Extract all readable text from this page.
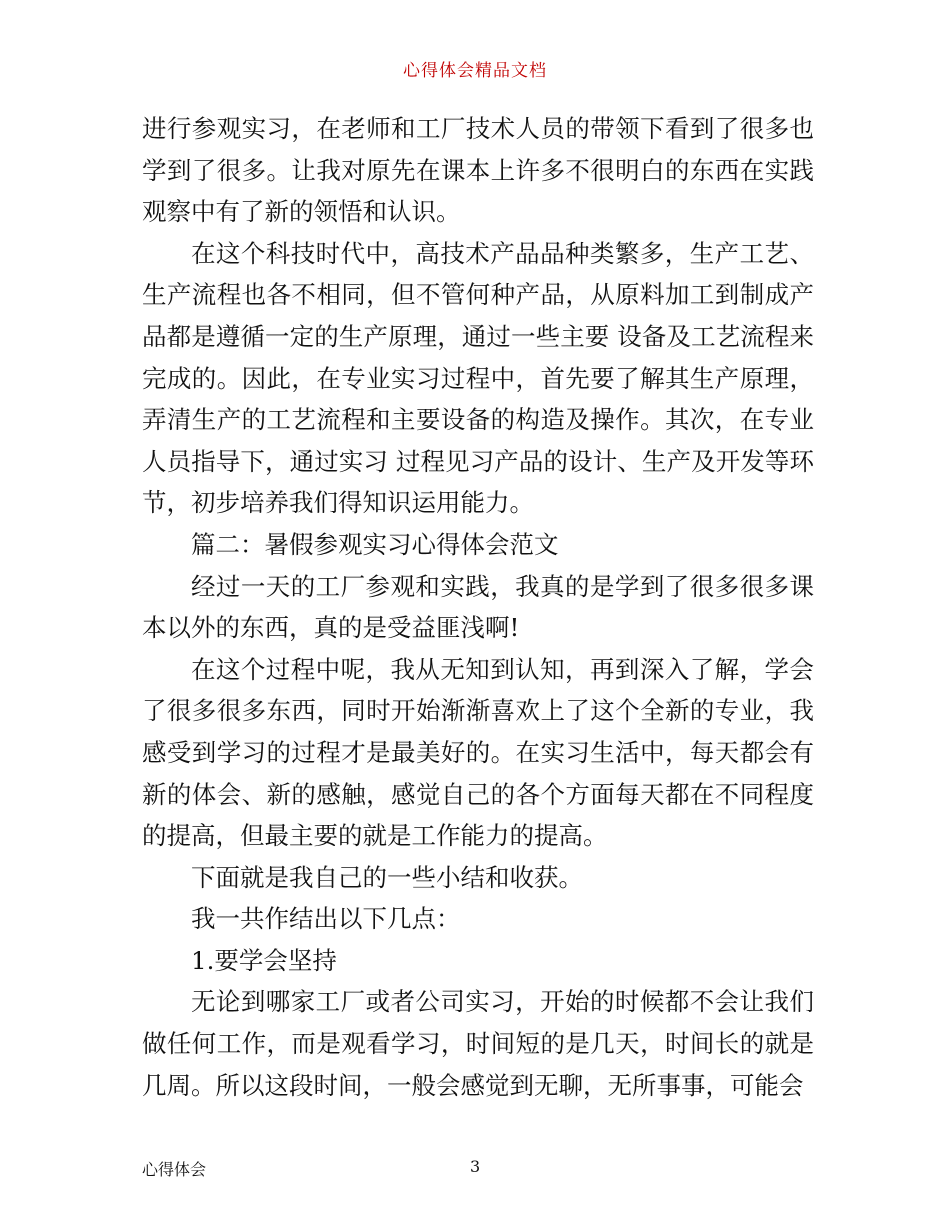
心得体会精品文档

进行参观实习，在老师和工厂技术人员的带领下看到了很多也学到了很多。让我对原先在课本上许多不很明白的东西在实践观察中有了新的领悟和认识。

在这个科技时代中，高技术产品品种类繁多，生产工艺、生产流程也各不相同，但不管何种产品，从原料加工到制成产品都是遵循一定的生产原理，通过一些主要 设备及工艺流程来完成的。因此，在专业实习过程中，首先要了解其生产原理，弄清生产的工艺流程和主要设备的构造及操作。其次，在专业人员指导下，通过实习 过程见习产品的设计、生产及开发等环节，初步培养我们得知识运用能力。

篇二：暑假参观实习心得体会范文

经过一天的工厂参观和实践，我真的是学到了很多很多课本以外的东西，真的是受益匪浅啊!

在这个过程中呢，我从无知到认知，再到深入了解，学会了很多很多东西，同时开始渐渐喜欢上了这个全新的专业，我感受到学习的过程才是最美好的。在实习生活中，每天都会有新的体会、新的感触，感觉自己的各个方面每天都在不同程度的提高，但最主要的就是工作能力的提高。

下面就是我自己的一些小结和收获。

我一共作结出以下几点：

1.要学会坚持

无论到哪家工厂或者公司实习，开始的时候都不会让我们做任何工作，而是观看学习，时间短的是几天，时间长的就是几周。所以这段时间，一般会感觉到无聊，无所事事，可能会

心得体会	3
